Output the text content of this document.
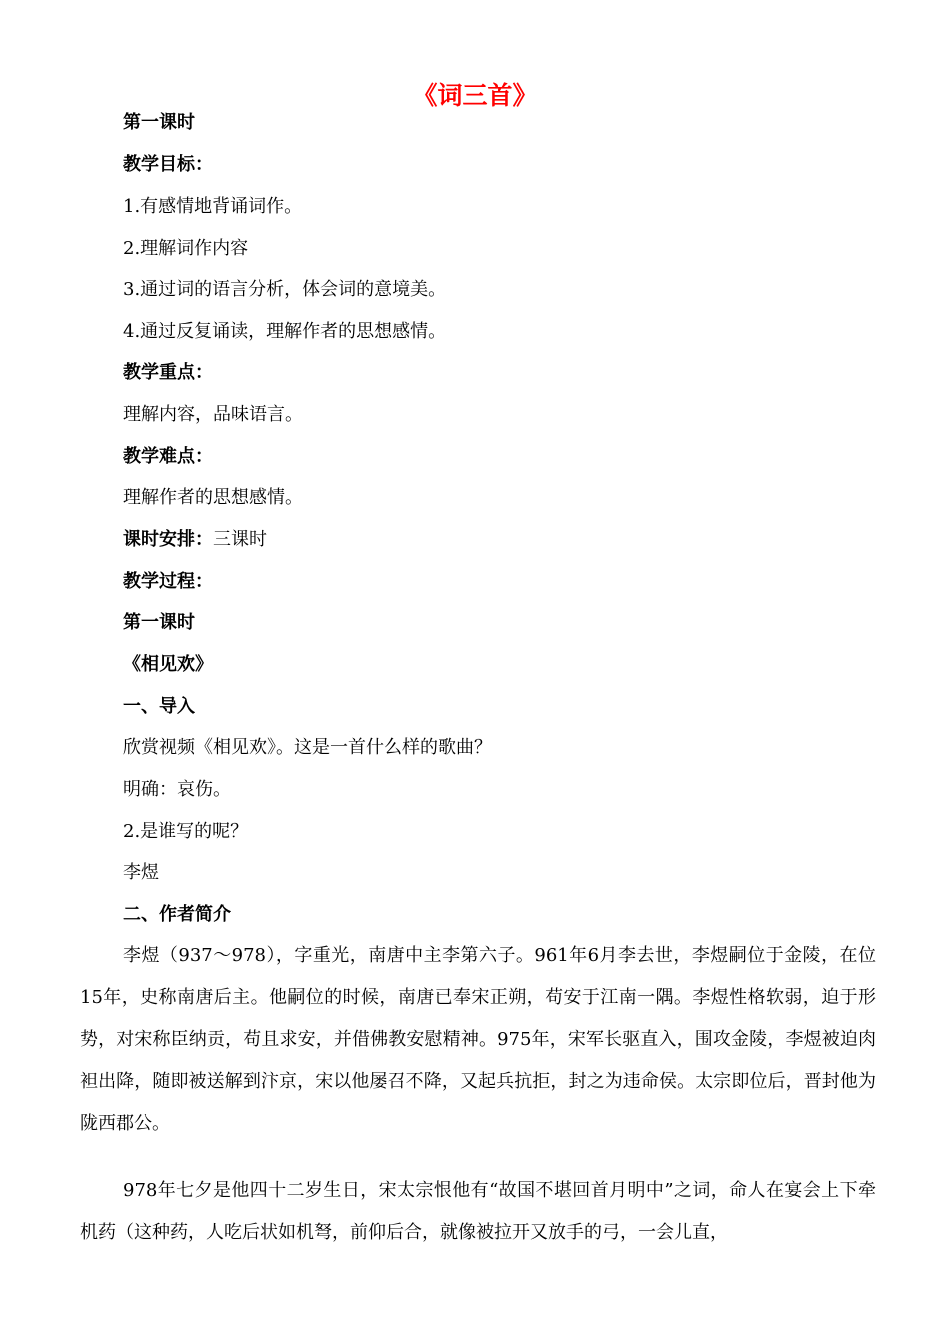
《词三首》
第一课时
教学目标：
1.有感情地背诵词作。
2.理解词作内容
3.通过词的语言分析，体会词的意境美。
4.通过反复诵读，理解作者的思想感情。
教学重点：
理解内容，品味语言。
教学难点：
理解作者的思想感情。
课时安排：三课时
教学过程：
第一课时
《相见欢》
一、导入
欣赏视频《相见欢》。这是一首什么样的歌曲？
明确：哀伤。
2.是谁写的呢？
李煜
二、作者简介
李煜（937～978），字重光，南唐中主李第六子。961年6月李去世，李煜嗣位于金陵，在位15年，史称南唐后主。他嗣位的时候，南唐已奉宋正朔，苟安于江南一隅。李煜性格软弱，迫于形势，对宋称臣纳贡，苟且求安，并借佛教安慰精神。975年，宋军长驱直入，围攻金陵，李煜被迫肉袒出降，随即被送解到汴京，宋以他屡召不降，又起兵抗拒，封之为违命侯。太宗即位后，晋封他为陇西郡公。
978年七夕是他四十二岁生日，宋太宗恨他有“故国不堪回首月明中”之词，命人在宴会上下牵机药（这种药，人吃后状如机弩，前仰后合，就像被拉开又放手的弓，一会儿直，
